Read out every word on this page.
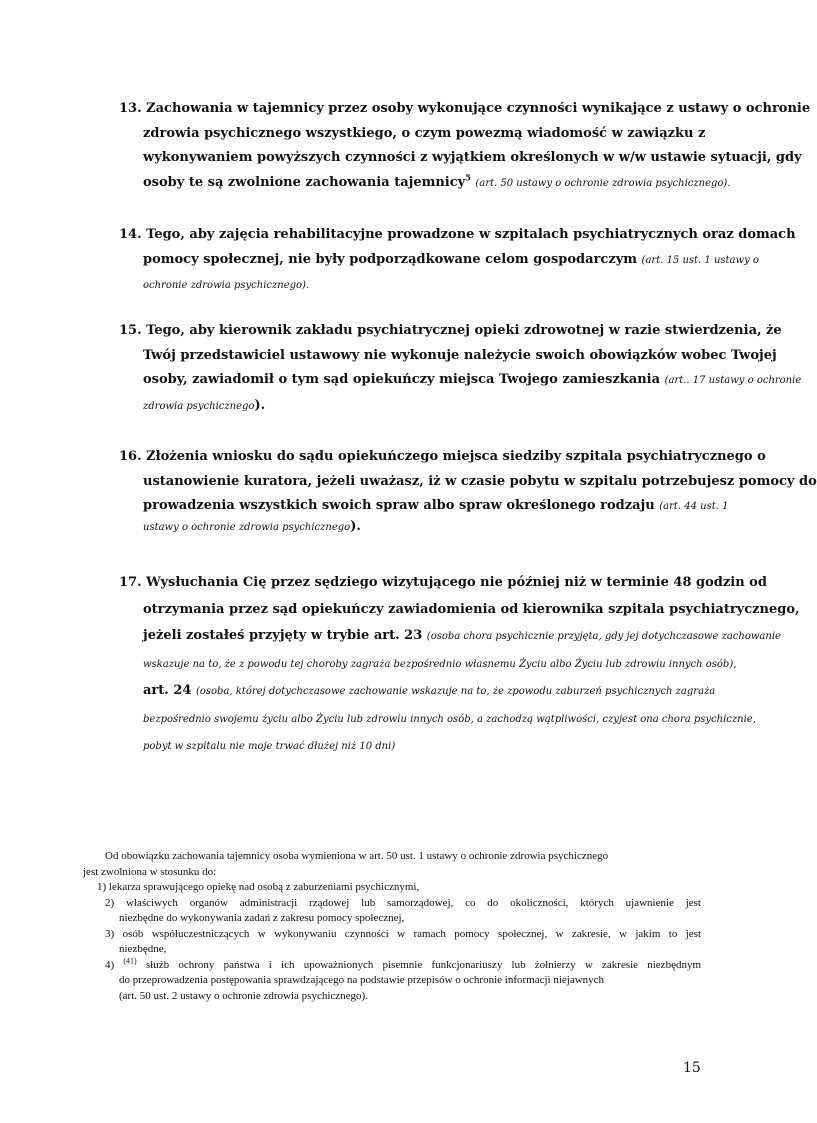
13. Zachowania w tajemnicy przez osoby wykonujące czynności wynikające z ustawy o ochronie
zdrowia psychicznego wszystkiego, o czym powezmą wiadomość w zawiązku z
wykonywaniem powyższych czynności z wyjątkiem określonych w w/w ustawie sytuacji, gdy
osoby te są zwolnione zachowania tajemnicy$^5$ (art. 50 ustawy o ochronie zdrowia psychicznego).
14. Tego, aby zajęcia rehabilitacyjne prowadzone w szpitalach psychiatrycznych oraz domach
pomocy społecznej, nie były podporządkowane celom gospodarczym (art. 15 ust. 1 ustawy o
ochronie zdrowia psychicznego).
15. Tego, aby kierownik zakładu psychiatrycznej opieki zdrowotnej w razie stwierdzenia, że
Twój przedstawiciel ustawowy nie wykonuje należycie swoich obowiązków wobec Twojej
osoby, zawiadomił o tym sąd opiekuńczy miejsca Twojego zamieszkania (art.. 17 ustawy o ochronie
zdrowia psychicznego).
16. Złożenia wniosku do sądu opiekuńczego miejsca siedziby szpitala psychiatrycznego o
ustanowienie kuratora, jeżeli uważasz, iż w czasie pobytu w szpitalu potrzebujesz pomocy do
prowadzenia wszystkich swoich spraw albo spraw określonego rodzaju (art. 44 ust. 1
ustawy o ochronie zdrowia psychicznego).
17. Wysłuchania Cię przez sędziego wizytującego nie później niż w terminie 48 godzin od
otrzymania przez sąd opiekuńczy zawiadomienia od kierownika szpitala psychiatrycznego,
jeżeli zostałeś przyjęty w trybie art. 23 (osoba chora psychicznie przyjęta, gdy jej dotychczasowe zachowanie
wskazuje na to, że z powodu tej choroby zagraża bezpośrednio własnemu Życiu albo Życiu lub zdrowiu innych osób),
art. 24 (osoba, której dotychczasowe zachowanie wskazuje na to, że zpowodu zaburzeń psychicznych zagraża
bezpośrednio swojemu życiu albo Życiu lub zdrowiu innych osób, a zachodzą wątpliwości, czyjest ona chora psychicznie,
pobyt w szpitalu nie moje trwać dłużej niż 10 dni)
Od obowiązku zachowania tajemnicy osoba wymieniona w art. 50 ust. 1 ustawy o ochronie zdrowia psychicznego
jest zwolniona w stosunku do:
1) lekarza sprawującego opiekę nad osobą z zaburzeniami psychicznymi,
2) właściwych organów administracji rządowej lub samorządowej, co do okoliczności, których ujawnienie jest
niezbędne do wykonywania zadań z zakresu pomocy społecznej,
3) osób współuczestniczących w wykonywaniu czynności w ramach pomocy społecznej, w zakresie, w jakim to jest
niezbędne,
4) $^{(41)}$ służb ochrony państwa i ich upoważnionych pisemnie funkcjonariuszy lub żołnierzy w zakresie niezbędnym
do przeprowadzenia postępowania sprawdzającego na podstawie przepisów o ochronie informacji niejawnych
(art. 50 ust. 2 ustawy o ochronie zdrowia psychicznego).
15
